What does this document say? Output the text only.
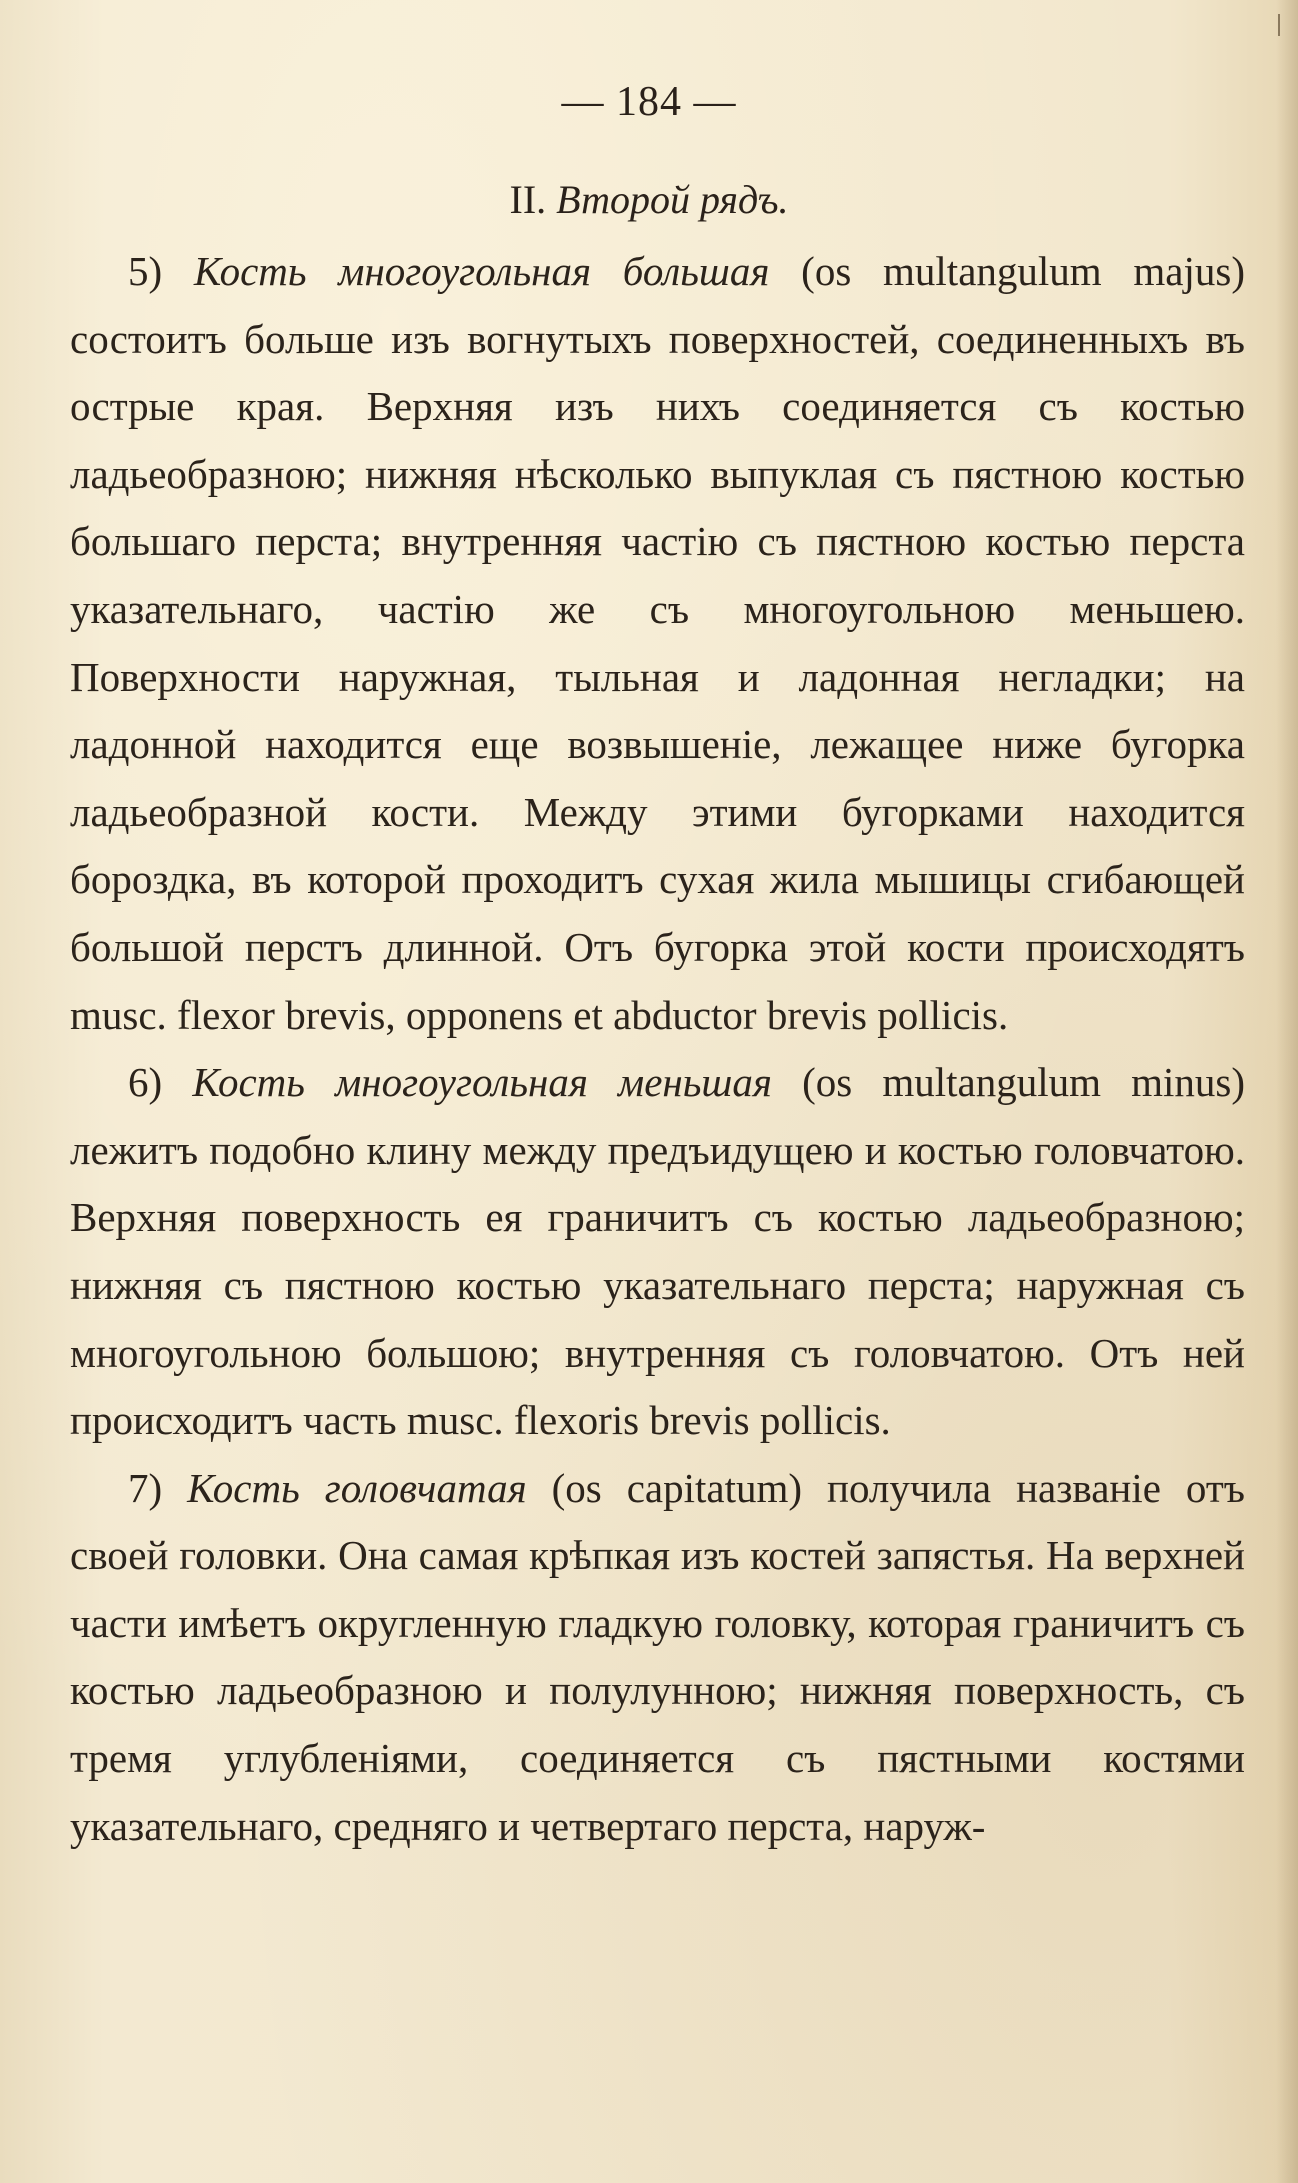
— 184 —
II. Второй рядъ.

5) Кость многоугольная большая (os multangulum majus) состоитъ больше изъ вогнутыхъ поверхностей, соединенныхъ въ острые края. Верхняя изъ нихъ соединяется съ костью ладьеобразною; нижняя нѣсколько выпуклая съ пястною костью большаго перста; внутренняя частію съ пястною костью перста указательнаго, частію же съ многоугольною меньшею. Поверхности наружная, тыльная и ладонная негладки; на ладонной находится еще возвышеніе, лежащее ниже бугорка ладьеобразной кости. Между этими бугорками находится бороздка, въ которой проходитъ сухая жила мышицы сгибающей большой перстъ длинной. Отъ бугорка этой кости происходятъ musc. flexor brevis, opponens et abductor brevis pollicis.

6) Кость многоугольная меньшая (os multangulum minus) лежитъ подобно клину между предъидущею и костью головчатою. Верхняя поверхность ея граничитъ съ костью ладьеобразною; нижняя съ пястною костью указательнаго перста; наружная съ многоугольною большою; внутренняя съ головчатою. Отъ ней происходитъ часть musc. flexoris brevis pollicis.

7) Кость головчатая (os capitatum) получила названіе отъ своей головки. Она самая крѣпкая изъ костей запястья. На верхней части имѣетъ округленную гладкую головку, которая граничитъ съ костью ладьеобразною и полулунною; нижняя поверхность, съ тремя углубленіями, соединяется съ пястными костями указательнаго, средняго и четвертаго перста, наруж-
